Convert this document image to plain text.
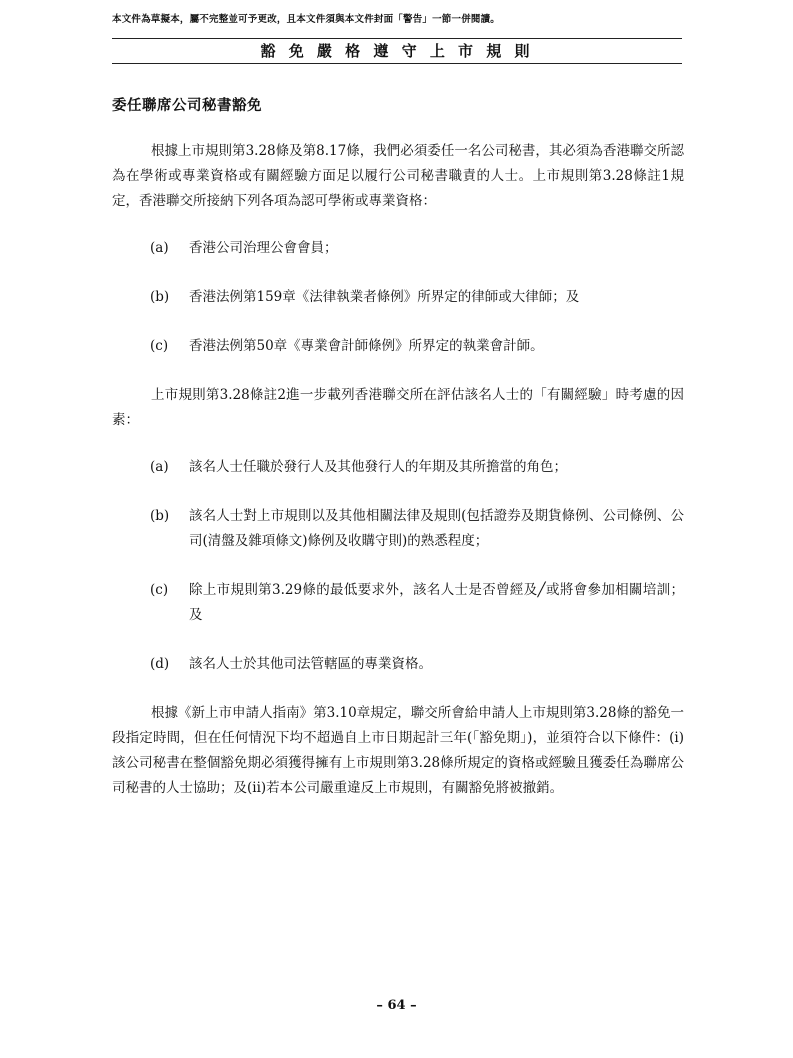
本文件為草擬本，屬不完整並可予更改，且本文件須與本文件封面「警告」一節一併閱讀。
豁 免 嚴 格 遵 守 上 市 規 則
委任聯席公司秘書豁免

根據上市規則第3.28條及第8.17條，我們必須委任一名公司秘書，其必須為香港聯交所認為在學術或專業資格或有關經驗方面足以履行公司秘書職責的人士。上市規則第3.28條註1規定，香港聯交所接納下列各項為認可學術或專業資格：

(a)	香港公司治理公會會員；
(b)	香港法例第159章《法律執業者條例》所界定的律師或大律師；及
(c)	香港法例第50章《專業會計師條例》所界定的執業會計師。

上市規則第3.28條註2進一步載列香港聯交所在評估該名人士的「有關經驗」時考慮的因素：

(a)	該名人士任職於發行人及其他發行人的年期及其所擔當的角色；
(b)	該名人士對上市規則以及其他相關法律及規則(包括證券及期貨條例、公司條例、公司(清盤及雜項條文)條例及收購守則)的熟悉程度；
(c)	除上市規則第3.29條的最低要求外，該名人士是否曾經及╱或將會參加相關培訓；及
(d)	該名人士於其他司法管轄區的專業資格。

根據《新上市申請人指南》第3.10章規定，聯交所會給申請人上市規則第3.28條的豁免一段指定時間，但在任何情況下均不超過自上市日期起計三年(「豁免期」)，並須符合以下條件：(i)該公司秘書在整個豁免期必須獲得擁有上市規則第3.28條所規定的資格或經驗且獲委任為聯席公司秘書的人士協助；及(ii)若本公司嚴重違反上市規則，有關豁免將被撤銷。

– 64 –
